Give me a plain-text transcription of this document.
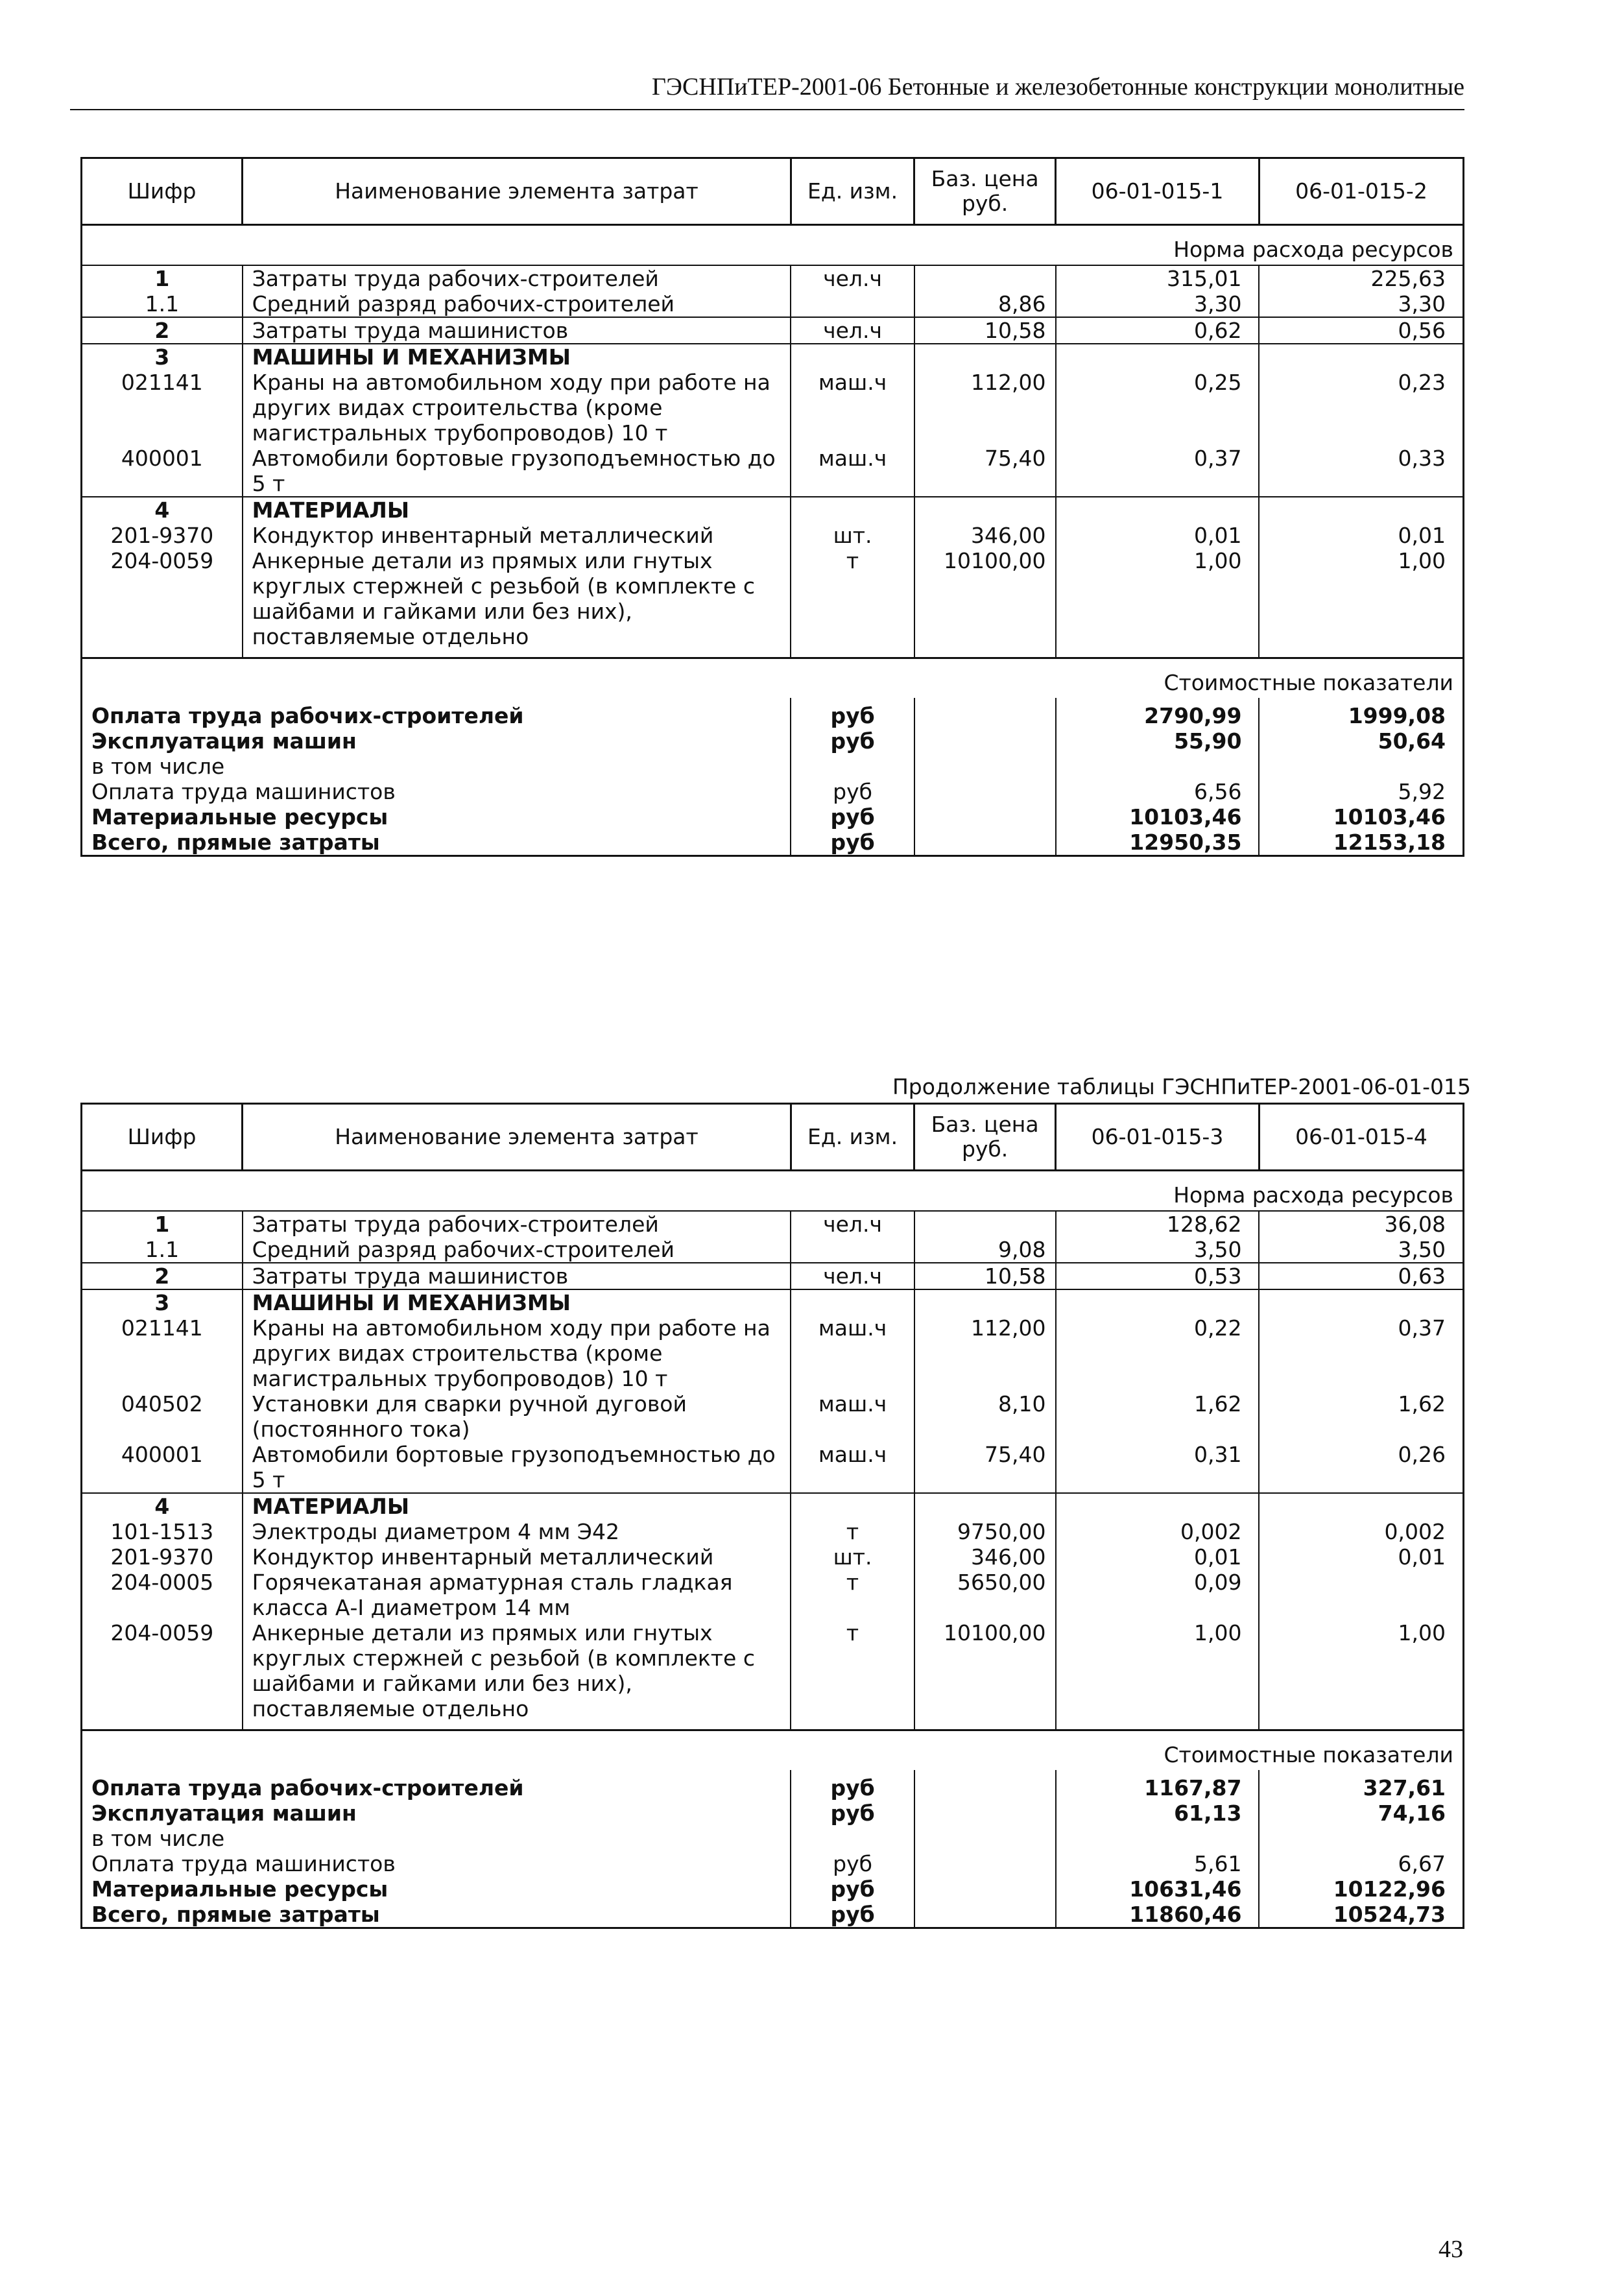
ГЭСНПиТЕР-2001-06 Бетонные и железобетонные конструкции монолитные
Шифр	Наименование элемента затрат	Ед. изм.	Баз. цена руб.	06-01-015-1	06-01-015-2
Норма расхода ресурсов					
1	Затраты труда рабочих-строителей	чел.ч		315,01	225,63
1.1	Средний разряд рабочих-строителей		8,86	3,30	3,30
2	Затраты труда машинистов	чел.ч	10,58	0,62	0,56
3	МАШИНЫ И МЕХАНИЗМЫ				
021141	Краны на автомобильном ходу при работе на других видах строительства (кроме магистральных трубопроводов) 10 т	маш.ч	112,00	0,25	0,23
400001	Автомобили бортовые грузоподъемностью до 5 т	маш.ч	75,40	0,37	0,33
4	МАТЕРИАЛЫ				
201-9370	Кондуктор инвентарный металлический	шт.	346,00	0,01	0,01
204-0059	Анкерные детали из прямых или гнутых круглых стержней с резьбой (в комплекте с шайбами и гайками или без них), поставляемые отдельно	т	10100,00	1,00	1,00

Стоимостные показатели					
Оплата труда рабочих-строителей		руб		2790,99	1999,08
Эксплуатация машин		руб		55,90	50,64
в том числе					
Оплата труда машинистов		руб		6,56	5,92
Материальные ресурсы		руб		10103,46	10103,46
Всего, прямые затраты		руб		12950,35	12153,18
Продолжение таблицы ГЭСНПиТЕР-2001-06-01-015
Шифр	Наименование элемента затрат	Ед. изм.	Баз. цена руб.	06-01-015-3	06-01-015-4
Норма расхода ресурсов					
1	Затраты труда рабочих-строителей	чел.ч		128,62	36,08
1.1	Средний разряд рабочих-строителей		9,08	3,50	3,50
2	Затраты труда машинистов	чел.ч	10,58	0,53	0,63
3	МАШИНЫ И МЕХАНИЗМЫ				
021141	Краны на автомобильном ходу при работе на других видах строительства (кроме магистральных трубопроводов) 10 т	маш.ч	112,00	0,22	0,37
040502	Установки для сварки ручной дуговой (постоянного тока)	маш.ч	8,10	1,62	1,62
400001	Автомобили бортовые грузоподъемностью до 5 т	маш.ч	75,40	0,31	0,26
4	МАТЕРИАЛЫ				
101-1513	Электроды диаметром 4 мм Э42	т	9750,00	0,002	0,002
201-9370	Кондуктор инвентарный металлический	шт.	346,00	0,01	0,01
204-0005	Горячекатаная арматурная сталь гладкая класса А-I диаметром 14 мм	т	5650,00	0,09	
204-0059	Анкерные детали из прямых или гнутых круглых стержней с резьбой (в комплекте с шайбами и гайками или без них), поставляемые отдельно	т	10100,00	1,00	1,00

Стоимостные показатели					
Оплата труда рабочих-строителей		руб		1167,87	327,61
Эксплуатация машин		руб		61,13	74,16
в том числе					
Оплата труда машинистов		руб		5,61	6,67
Материальные ресурсы		руб		10631,46	10122,96
Всего, прямые затраты		руб		11860,46	10524,73
43
